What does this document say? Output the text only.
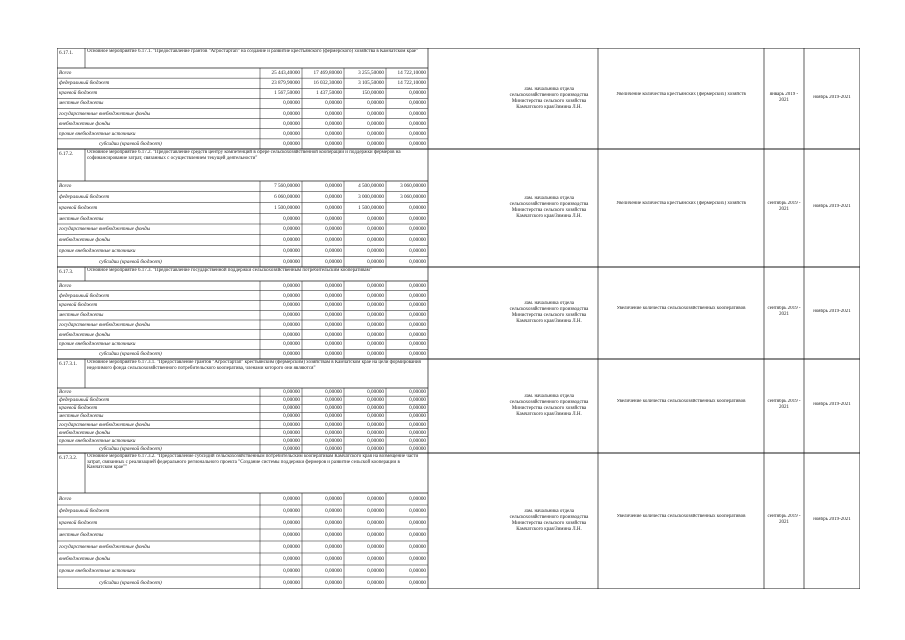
6.17.1.	Основное мероприятие 6.17.1. "Предоставление грантов "Агростартап" на создание и развитие крестьянского (фермерского) хозяйства в Камчатском крае"
Всего	25 443,40000	17 469,80000	3 255,50000	14 722,10000
федеральный бюджет	23 879,90000	16 032,30000	3 105,50000	14 722,10000
краевой бюджет	1 567,50000	1 437,50000	150,00000	0,00000
местные бюджеты	0,00000	0,00000	0,00000	0,00000
государственные внебюджетные фонды	0,00000	0,00000	0,00000	0,00000
внебюджетные фонды	0,00000	0,00000	0,00000	0,00000
прочие внебюджетные источники	0,00000	0,00000	0,00000	0,00000
субсидии (краевой бюджет)	0,00000	0,00000	0,00000	0,00000
Зам. начальника отдела сельскохозяйственного производства Министерства сельского хозяйства Камчатского края/Зимина Л.Н.
Увеличение количества крестьянских (фермерских) хозяйств	январь 2019 - 2021
ноябрь 2019-2021
6.17.2.	Основное мероприятие 6.17.2. "Предоставление средств центру компетенций в сфере сельскохозяйственной кооперации и поддержки фермеров на софинансирование затрат, связанных с осуществлением текущей деятельности"
Всего	7 560,00000	0,00000	4 500,00000	3 060,00000
федеральный бюджет	6 060,00000	0,00000	3 000,00000	3 060,00000
краевой бюджет	1 500,00000	0,00000	1 500,00000	0,00000
местные бюджеты	0,00000	0,00000	0,00000	0,00000
государственные внебюджетные фонды	0,00000	0,00000	0,00000	0,00000
внебюджетные фонды	0,00000	0,00000	0,00000	0,00000
прочие внебюджетные источники	0,00000	0,00000	0,00000	0,00000
субсидии (краевой бюджет)	0,00000	0,00000	0,00000	0,00000
Зам. начальника отдела сельскохозяйственного производства Министерства сельского хозяйства Камчатского края/Зимина Л.Н.
Увеличение количества крестьянских (фермерских) хозяйств	сентябрь 2019 - 2021
ноябрь 2019-2021
6.17.3.	Основное мероприятие 6.17.3. "Предоставление государственной поддержки сельскохозяйственным потребительским кооперативам"
Всего	0,00000	0,00000	0,00000	0,00000
федеральный бюджет	0,00000	0,00000	0,00000	0,00000
краевой бюджет	0,00000	0,00000	0,00000	0,00000
местные бюджеты	0,00000	0,00000	0,00000	0,00000
государственные внебюджетные фонды	0,00000	0,00000	0,00000	0,00000
внебюджетные фонды	0,00000	0,00000	0,00000	0,00000
прочие внебюджетные источники	0,00000	0,00000	0,00000	0,00000
субсидии (краевой бюджет)	0,00000	0,00000	0,00000	0,00000
Зам. начальника отдела сельскохозяйственного производства Министерства сельского хозяйства Камчатского края/Зимина Л.Н.
Увеличение количества сельскохозяйственных кооперативов	сентябрь 2019 - 2021
ноябрь 2019-2021
6.17.3.1.	Основное мероприятие 6.17.3.1. "Предоставление грантов "Агростартап" крестьянским (фермерским) хозяйствам в Камчатском крае на цели формирования неделимого фонда сельскохозяйственного потребительского кооператива, членами которого они являются"
Всего	0,00000	0,00000	0,00000	0,00000
федеральный бюджет	0,00000	0,00000	0,00000	0,00000
краевой бюджет	0,00000	0,00000	0,00000	0,00000
местные бюджеты	0,00000	0,00000	0,00000	0,00000
государственные внебюджетные фонды	0,00000	0,00000	0,00000	0,00000
внебюджетные фонды	0,00000	0,00000	0,00000	0,00000
прочие внебюджетные источники	0,00000	0,00000	0,00000	0,00000
субсидии (краевой бюджет)	0,00000	0,00000	0,00000	0,00000
Зам. начальника отдела сельскохозяйственного производства Министерства сельского хозяйства Камчатского края/Зимина Л.Н.
Увеличение количества сельскохозяйственных кооперативов	сентябрь 2019 - 2021
ноябрь 2019-2021
6.17.3.2.	Основное мероприятие 6.17.3.2. "Предоставление субсидий сельскохозяйственным потребительским кооперативам Камчатского края на возмещение части затрат, связанных с реализацией федерального регионального проекта "Создание системы поддержки фермеров и развитие сельской кооперации в Камчатском крае""
Всего	0,00000	0,00000	0,00000	0,00000
федеральный бюджет	0,00000	0,00000	0,00000	0,00000
краевой бюджет	0,00000	0,00000	0,00000	0,00000
местные бюджеты	0,00000	0,00000	0,00000	0,00000
государственные внебюджетные фонды	0,00000	0,00000	0,00000	0,00000
внебюджетные фонды	0,00000	0,00000	0,00000	0,00000
прочие внебюджетные источники	0,00000	0,00000	0,00000	0,00000
субсидии (краевой бюджет)	0,00000	0,00000	0,00000	0,00000
Зам. начальника отдела сельскохозяйственного производства Министерства сельского хозяйства Камчатского края/Зимина Л.Н.
Увеличение количества сельскохозяйственных кооперативов	сентябрь 2019 - 2021
ноябрь 2019-2021
